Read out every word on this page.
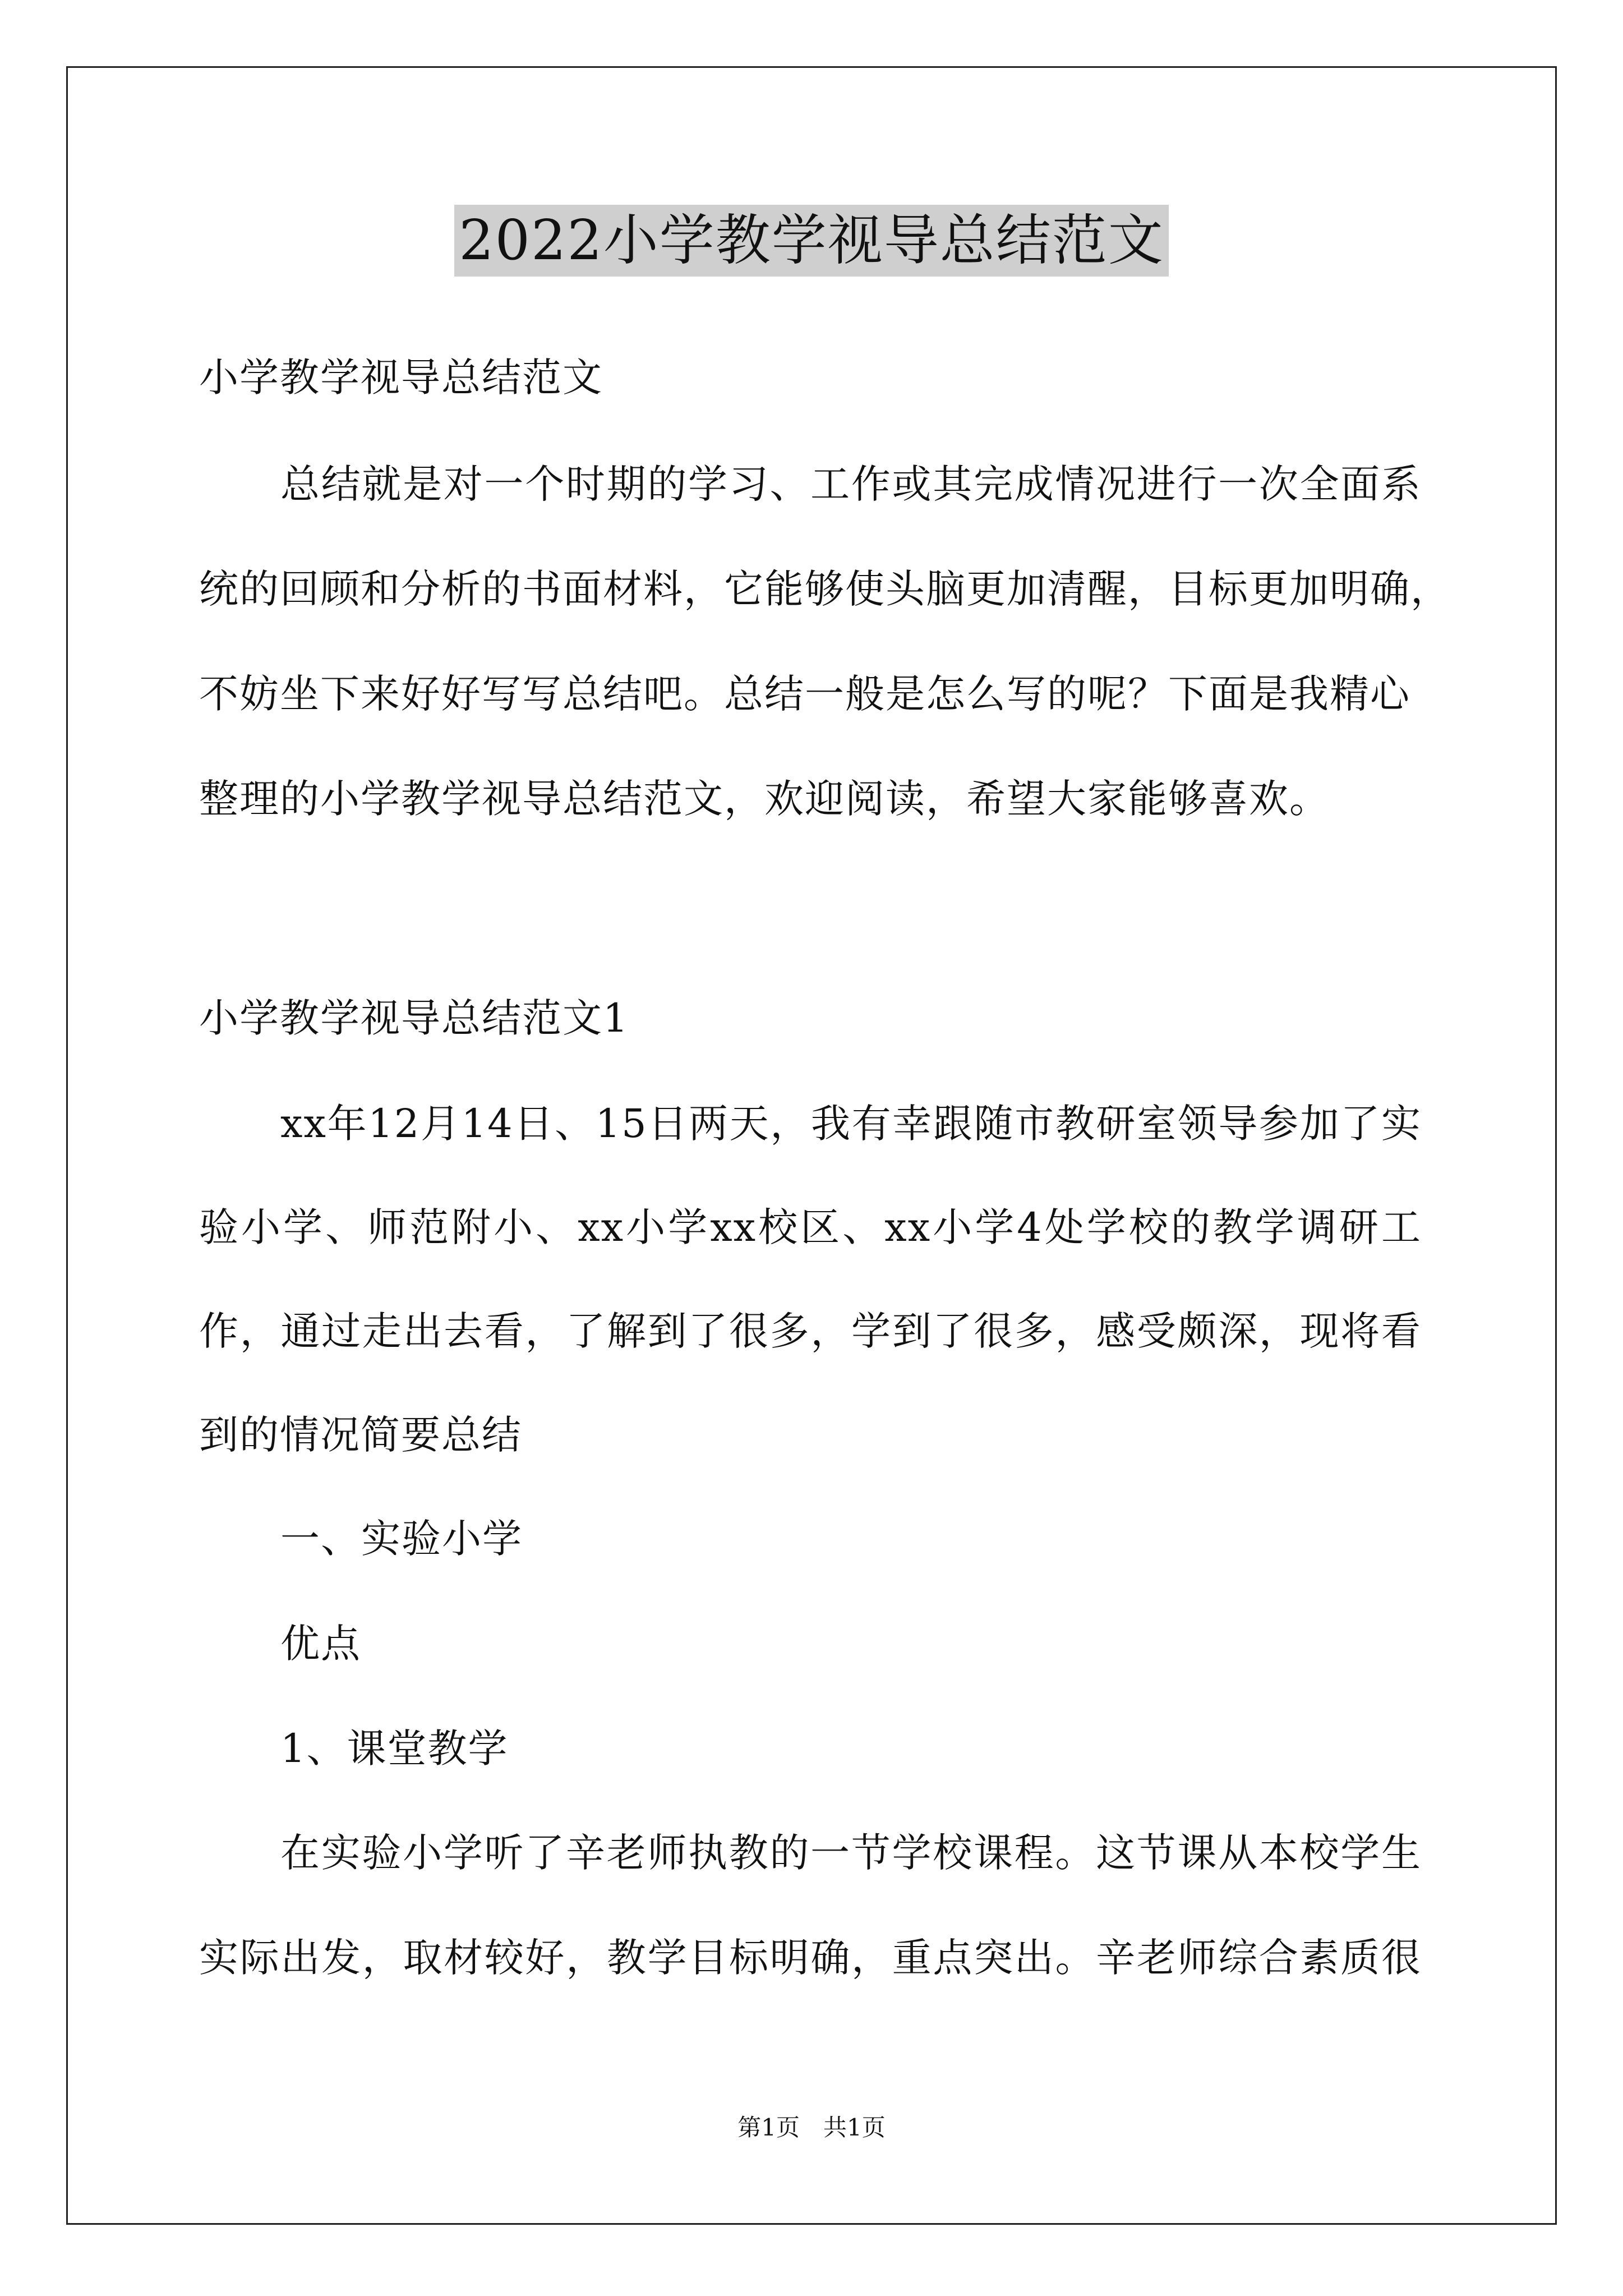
2022小学教学视导总结范文
小学教学视导总结范文
总结就是对一个时期的学习、工作或其完成情况进行一次全面系
统的回顾和分析的书面材料，它能够使头脑更加清醒，目标更加明确，
不妨坐下来好好写写总结吧。总结一般是怎么写的呢？下面是我精心
整理的小学教学视导总结范文，欢迎阅读，希望大家能够喜欢。
小学教学视导总结范文1
xx年12月14日、15日两天，我有幸跟随市教研室领导参加了实
验小学、师范附小、xx小学xx校区、xx小学4处学校的教学调研工
作，通过走出去看，了解到了很多，学到了很多，感受颇深，现将看
到的情况简要总结
一、实验小学
优点
1、课堂教学
在实验小学听了辛老师执教的一节学校课程。这节课从本校学生
实际出发，取材较好，教学目标明确，重点突出。辛老师综合素质很
第1页　共1页
